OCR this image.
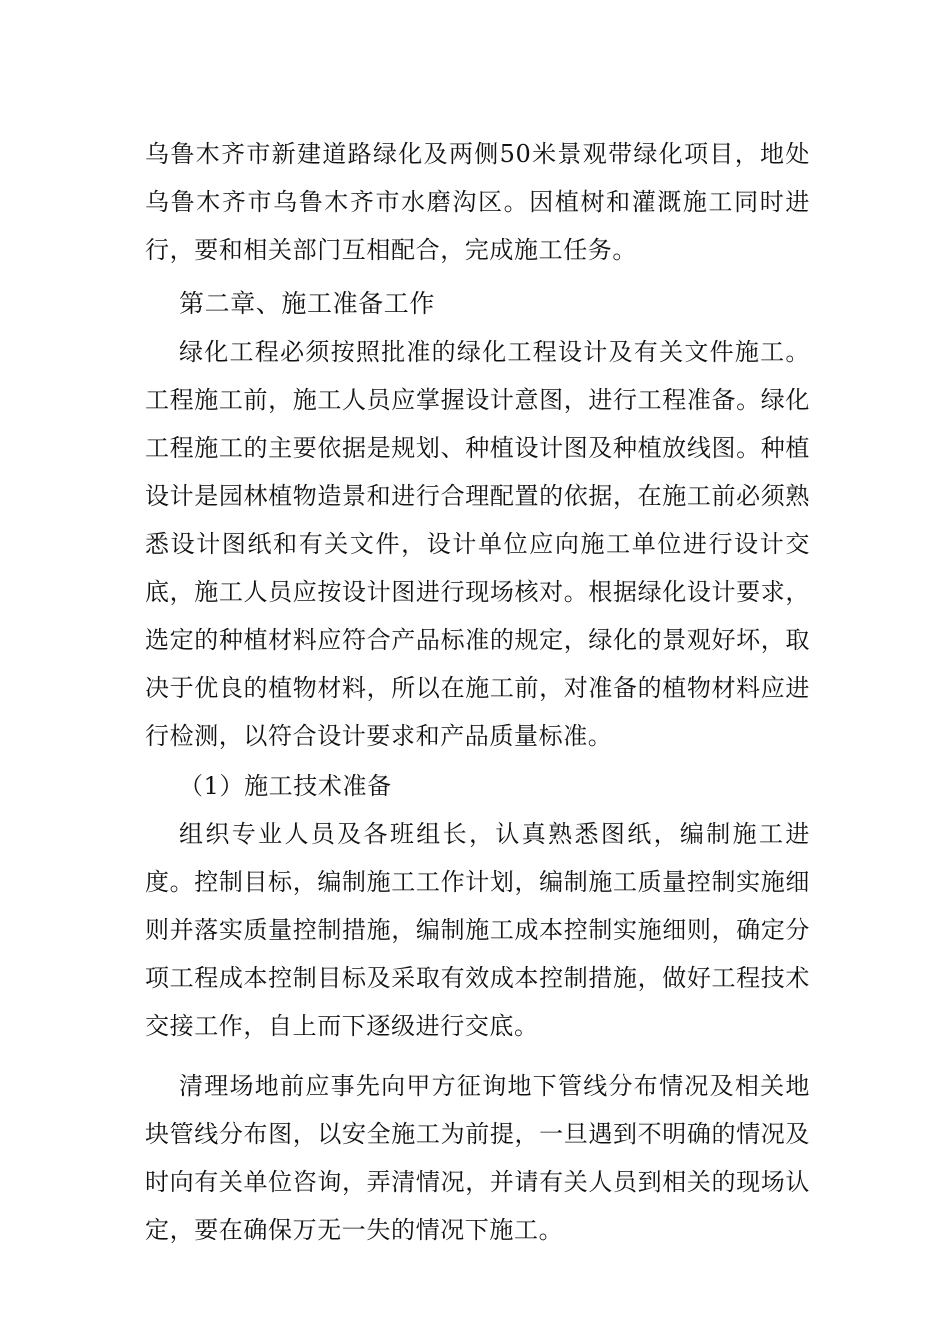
乌鲁木齐市新建道路绿化及两侧50米景观带绿化项目，地处乌鲁木齐市乌鲁木齐市水磨沟区。因植树和灌溉施工同时进行，要和相关部门互相配合，完成施工任务。

第二章、施工准备工作

绿化工程必须按照批准的绿化工程设计及有关文件施工。工程施工前，施工人员应掌握设计意图，进行工程准备。绿化工程施工的主要依据是规划、种植设计图及种植放线图。种植设计是园林植物造景和进行合理配置的依据，在施工前必须熟悉设计图纸和有关文件，设计单位应向施工单位进行设计交底，施工人员应按设计图进行现场核对。根据绿化设计要求，选定的种植材料应符合产品标准的规定，绿化的景观好坏，取决于优良的植物材料，所以在施工前，对准备的植物材料应进行检测，以符合设计要求和产品质量标准。

（1）施工技术准备

组织专业人员及各班组长，认真熟悉图纸，编制施工进度。控制目标，编制施工工作计划，编制施工质量控制实施细则并落实质量控制措施，编制施工成本控制实施细则，确定分项工程成本控制目标及采取有效成本控制措施，做好工程技术交接工作，自上而下逐级进行交底。

清理场地前应事先向甲方征询地下管线分布情况及相关地块管线分布图，以安全施工为前提，一旦遇到不明确的情况及时向有关单位咨询，弄清情况，并请有关人员到相关的现场认定，要在确保万无一失的情况下施工。
